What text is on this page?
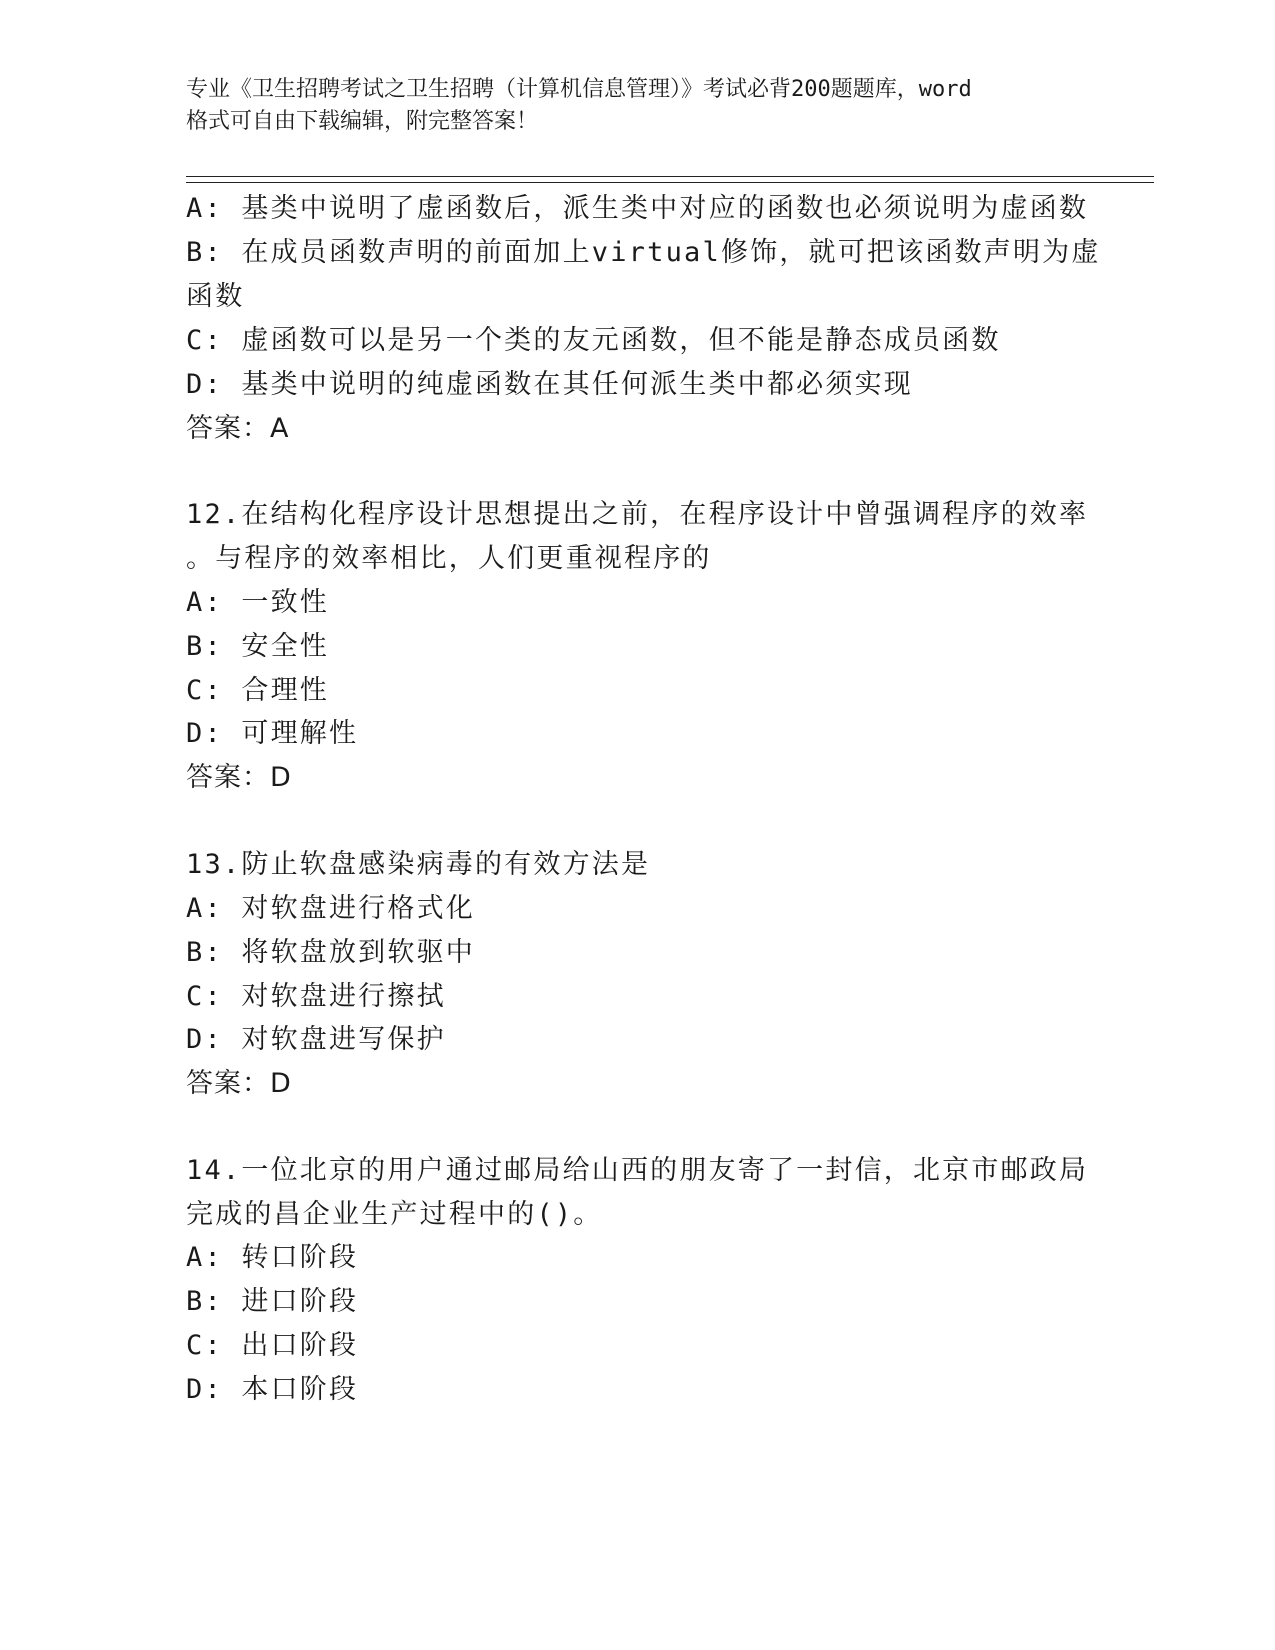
专业《卫生招聘考试之卫生招聘（计算机信息管理）》考试必背200题题库，word
格式可自由下载编辑，附完整答案！
A: 基类中说明了虚函数后，派生类中对应的函数也必须说明为虚函数
B: 在成员函数声明的前面加上virtual修饰，就可把该函数声明为虚
函数
C: 虚函数可以是另一个类的友元函数，但不能是静态成员函数
D: 基类中说明的纯虚函数在其任何派生类中都必须实现
答案：A
12.在结构化程序设计思想提出之前，在程序设计中曾强调程序的效率
。与程序的效率相比，人们更重视程序的
A: 一致性
B: 安全性
C: 合理性
D: 可理解性
答案：D
13.防止软盘感染病毒的有效方法是
A: 对软盘进行格式化
B: 将软盘放到软驱中
C: 对软盘进行擦拭
D: 对软盘进写保护
答案：D
14.一位北京的用户通过邮局给山西的朋友寄了一封信，北京市邮政局
完成的昌企业生产过程中的()。
A: 转口阶段
B: 进口阶段
C: 出口阶段
D: 本口阶段
